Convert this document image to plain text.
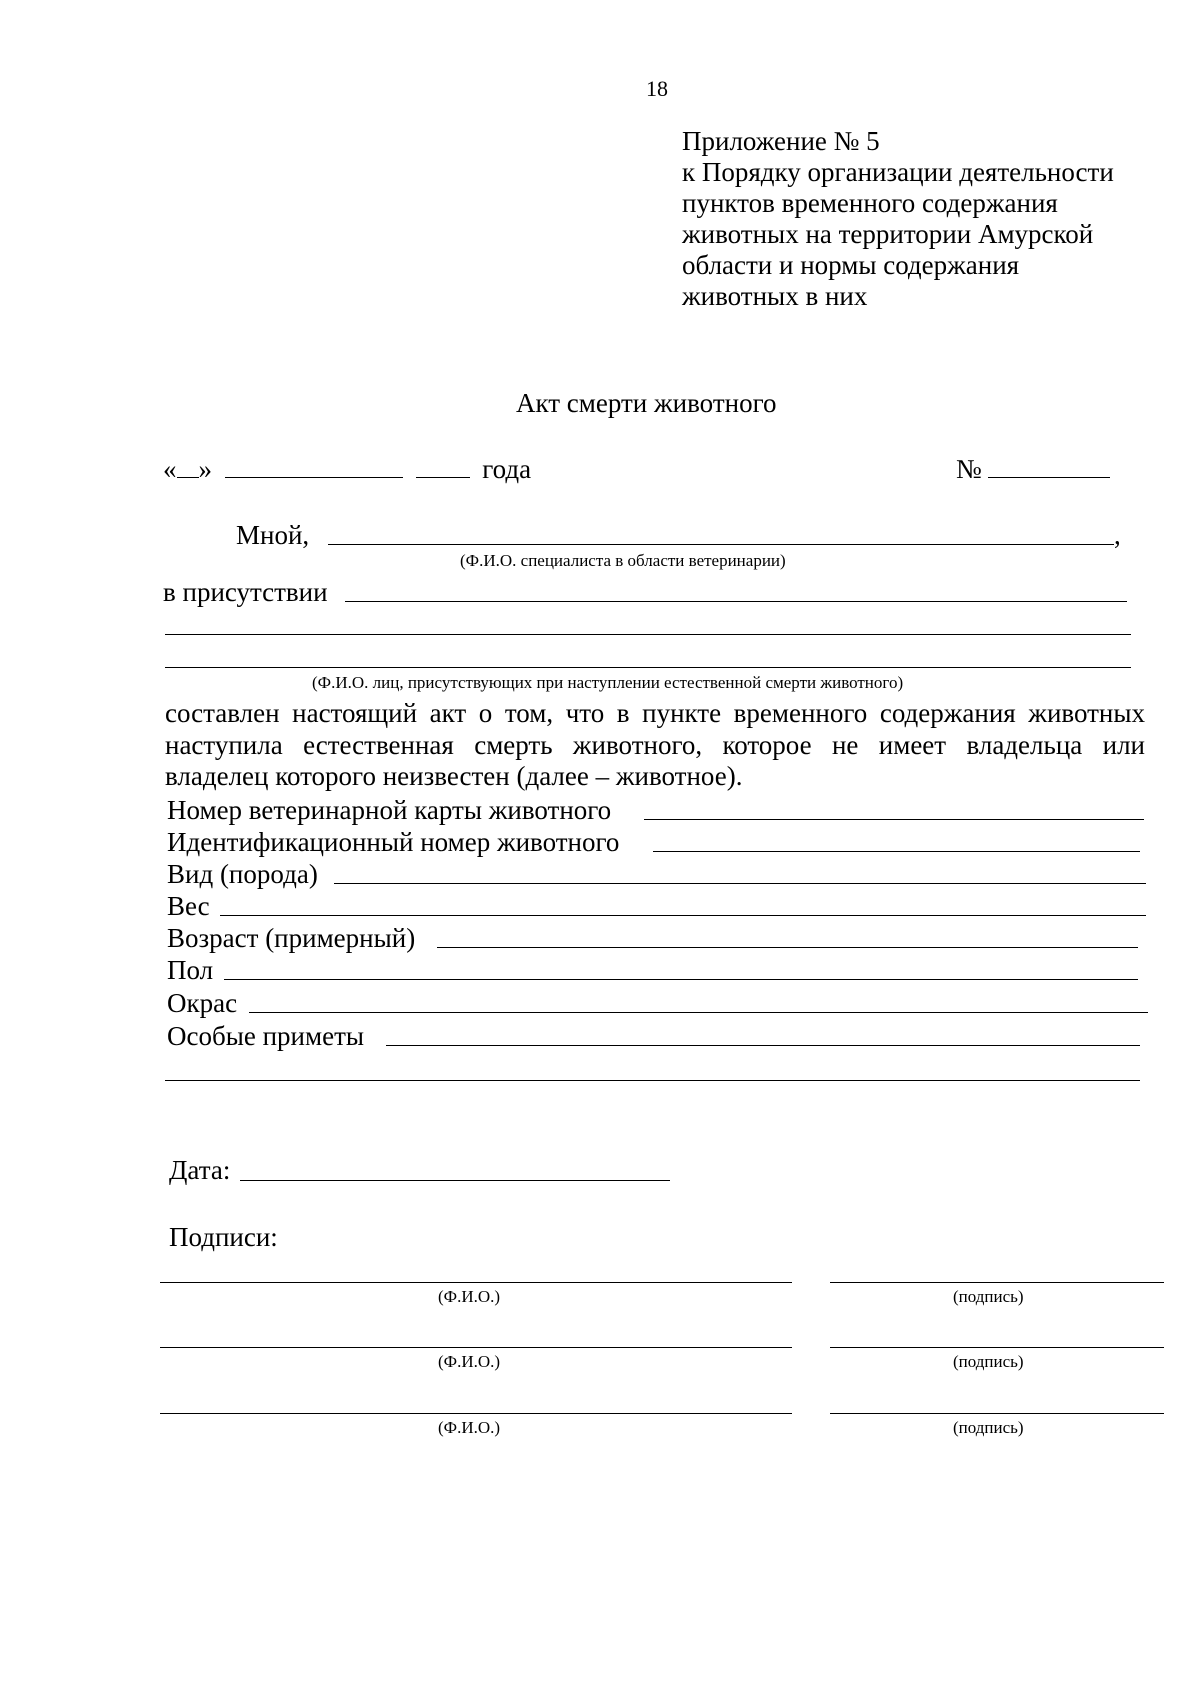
18
Приложение № 5
к Порядку организации деятельности
пунктов временного содержания
животных на территории Амурской
области и нормы содержания
животных в них
Акт смерти животного
« »	года	№
Мной,	,
(Ф.И.О. специалиста в области ветеринарии)
в присутствии
(Ф.И.О. лиц, присутствующих при наступлении естественной смерти животного)
составлен настоящий акт о том, что в пункте временного содержания животных
наступила естественная смерть животного, которое не имеет владельца или
владелец которого неизвестен (далее – животное).
Номер ветеринарной карты животного
Идентификационный номер животного
Вид (порода)
Вес
Возраст (примерный)
Пол
Окрас
Особые приметы
Дата:
Подписи:
(Ф.И.О.)	(подпись)
(Ф.И.О.)	(подпись)
(Ф.И.О.)	(подпись)
